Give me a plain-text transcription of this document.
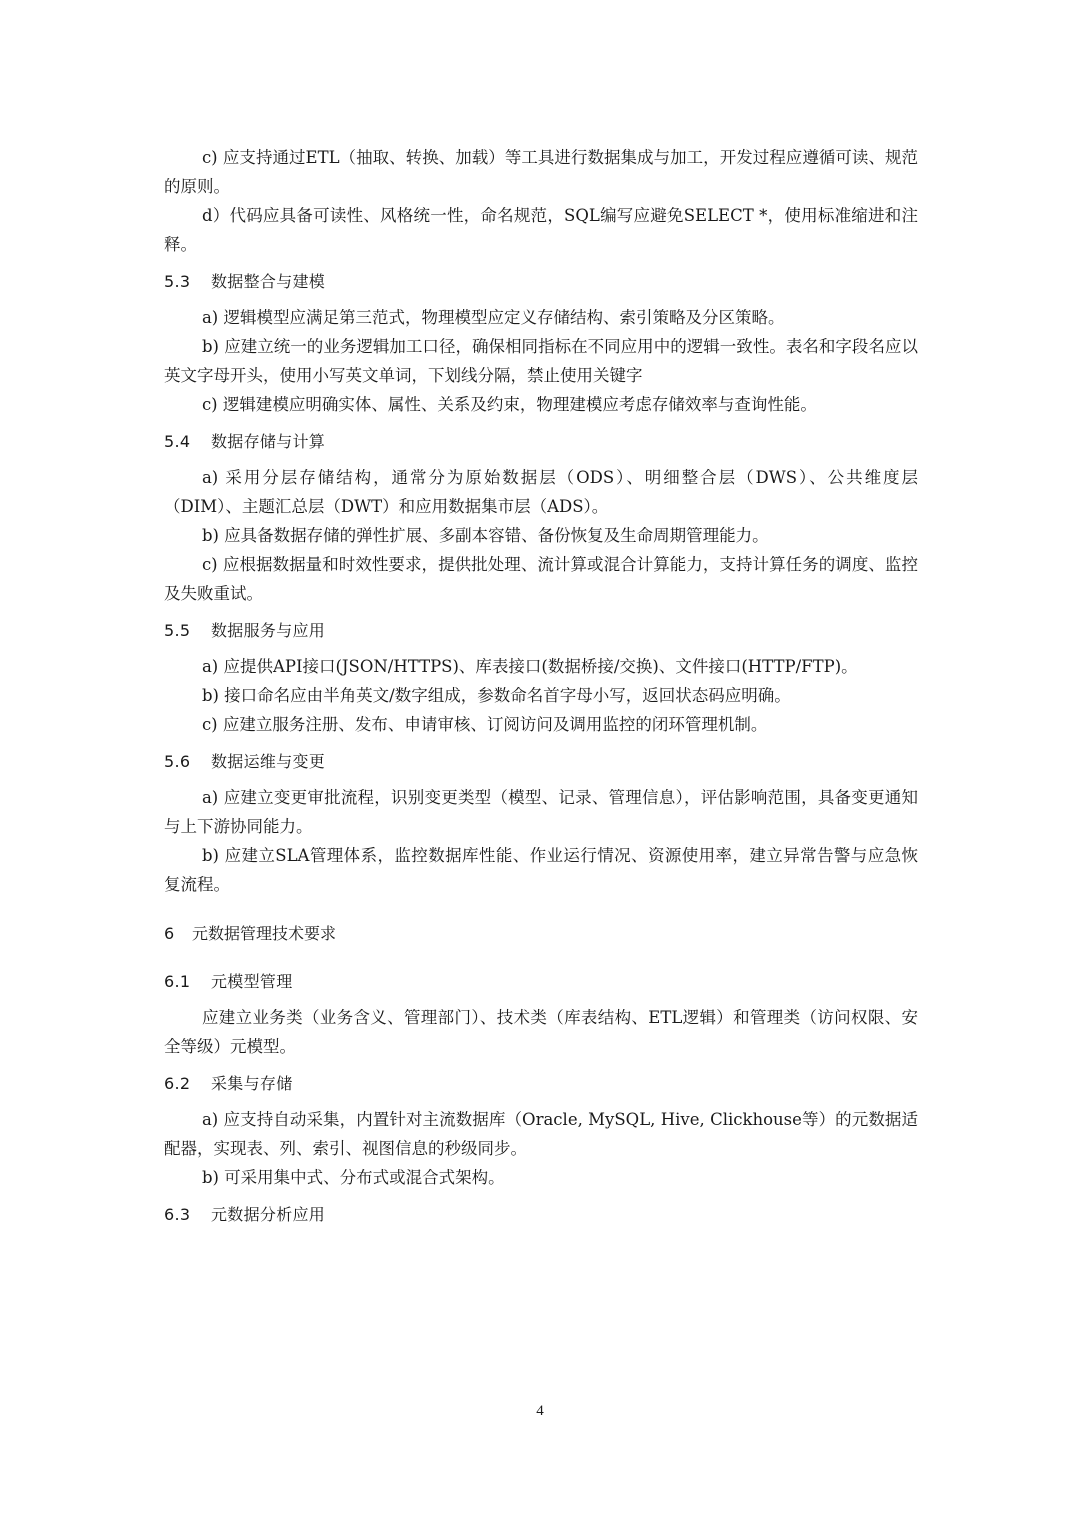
c) 应支持通过ETL（抽取、转换、加载）等工具进行数据集成与加工，开发过程应遵循可读、规范的原则。

d）代码应具备可读性、风格统一性，命名规范，SQL编写应避免SELECT *，使用标准缩进和注释。

5.3 数据整合与建模

a) 逻辑模型应满足第三范式，物理模型应定义存储结构、索引策略及分区策略。

b) 应建立统一的业务逻辑加工口径，确保相同指标在不同应用中的逻辑一致性。表名和字段名应以英文字母开头，使用小写英文单词，下划线分隔，禁止使用关键字

c) 逻辑建模应明确实体、属性、关系及约束，物理建模应考虑存储效率与查询性能。

5.4 数据存储与计算

a) 采用分层存储结构，通常分为原始数据层（ODS）、明细整合层（DWS）、公共维度层（DIM）、主题汇总层（DWT）和应用数据集市层（ADS）。

b) 应具备数据存储的弹性扩展、多副本容错、备份恢复及生命周期管理能力。

c) 应根据数据量和时效性要求，提供批处理、流计算或混合计算能力，支持计算任务的调度、监控及失败重试。

5.5 数据服务与应用

a) 应提供API接口(JSON/HTTPS)、库表接口(数据桥接/交换)、文件接口(HTTP/FTP)。

b) 接口命名应由半角英文/数字组成，参数命名首字母小写，返回状态码应明确。

c) 应建立服务注册、发布、申请审核、订阅访问及调用监控的闭环管理机制。

5.6 数据运维与变更

a) 应建立变更审批流程，识别变更类型（模型、记录、管理信息），评估影响范围，具备变更通知与上下游协同能力。

b) 应建立SLA管理体系，监控数据库性能、作业运行情况、资源使用率，建立异常告警与应急恢复流程。

6 元数据管理技术要求
6.1 元模型管理

应建立业务类（业务含义、管理部门）、技术类（库表结构、ETL逻辑）和管理类（访问权限、安全等级）元模型。

6.2 采集与存储

a) 应支持自动采集，内置针对主流数据库（Oracle, MySQL, Hive, Clickhouse等）的元数据适配器，实现表、列、索引、视图信息的秒级同步。

b) 可采用集中式、分布式或混合式架构。

6.3 元数据分析应用
4
